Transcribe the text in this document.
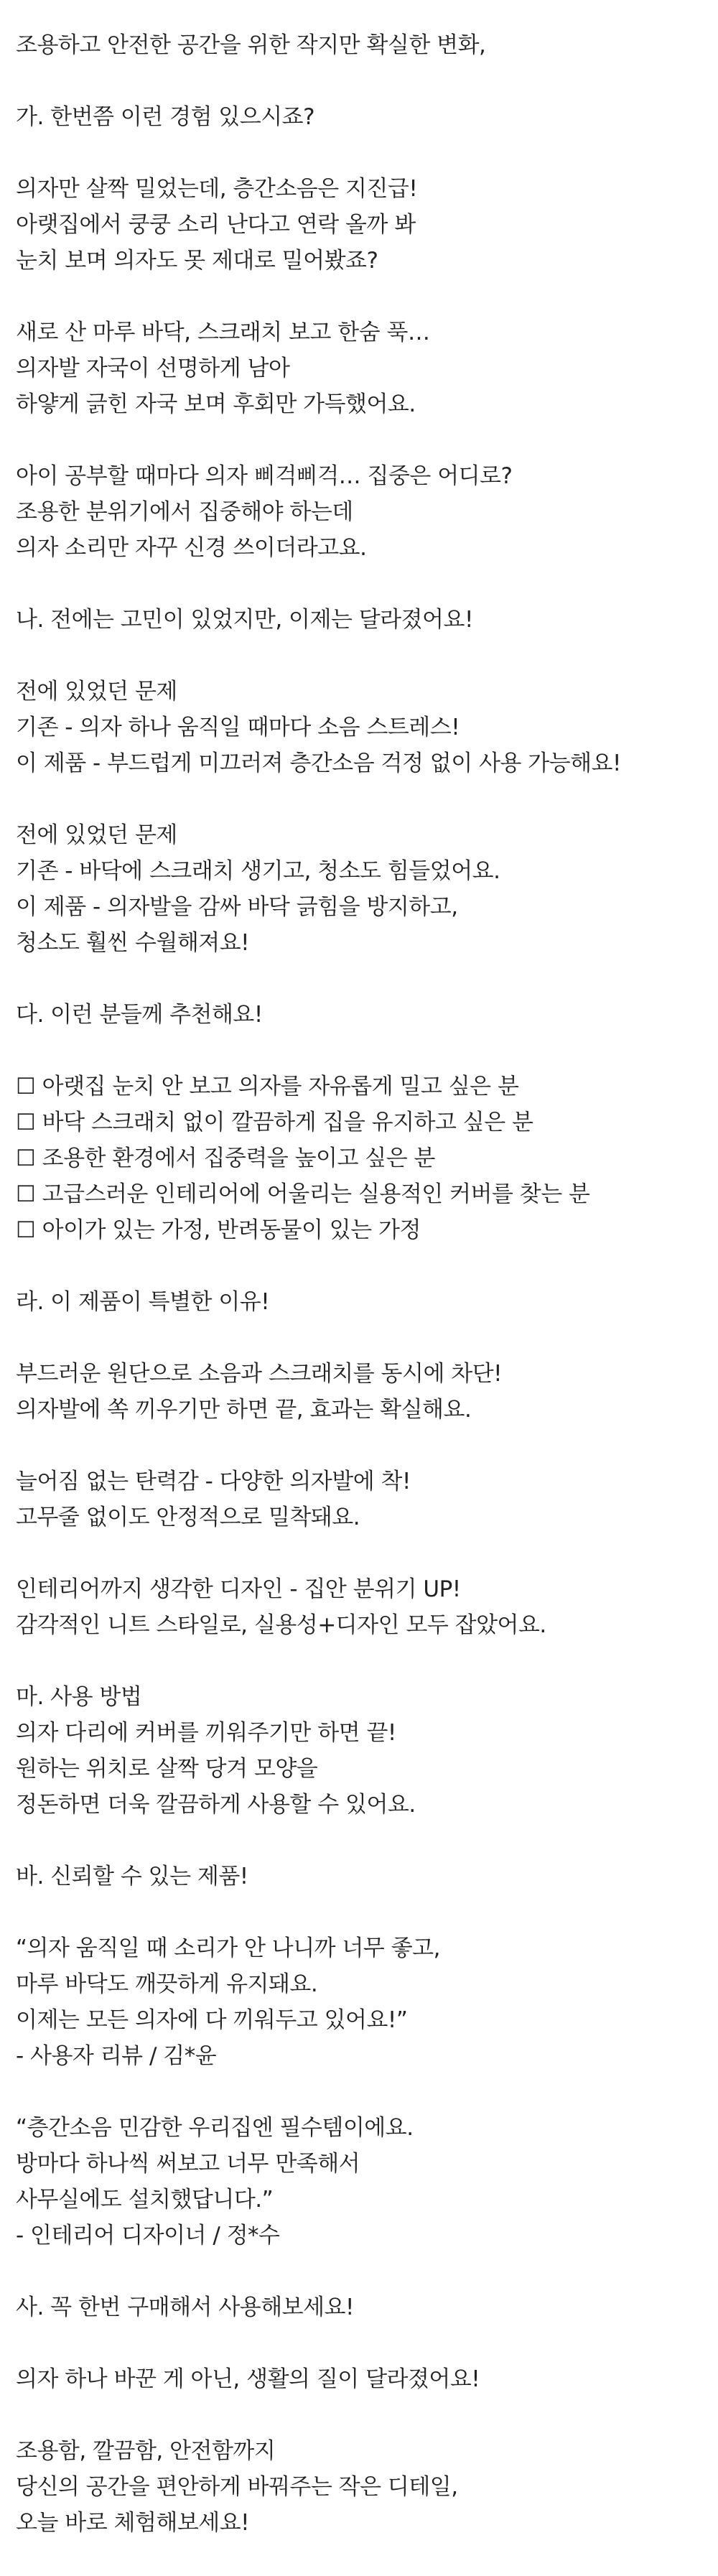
조용하고 안전한 공간을 위한 작지만 확실한 변화,
가. 한번쯤 이런 경험 있으시죠?
의자만 살짝 밀었는데, 층간소음은 지진급!
아랫집에서 쿵쿵 소리 난다고 연락 올까 봐
눈치 보며 의자도 못 제대로 밀어봤죠?
새로 산 마루 바닥, 스크래치 보고 한숨 푹…
의자발 자국이 선명하게 남아
하얗게 긁힌 자국 보며 후회만 가득했어요.
아이 공부할 때마다 의자 삐걱삐걱… 집중은 어디로?
조용한 분위기에서 집중해야 하는데
의자 소리만 자꾸 신경 쓰이더라고요.
나. 전에는 고민이 있었지만, 이제는 달라졌어요!
전에 있었던 문제
기존 - 의자 하나 움직일 때마다 소음 스트레스!
이 제품 - 부드럽게 미끄러져 층간소음 걱정 없이 사용 가능해요!
전에 있었던 문제
기존 - 바닥에 스크래치 생기고, 청소도 힘들었어요.
이 제품 - 의자발을 감싸 바닥 긁힘을 방지하고,
청소도 훨씬 수월해져요!
다. 이런 분들께 추천해요!
☐ 아랫집 눈치 안 보고 의자를 자유롭게 밀고 싶은 분
☐ 바닥 스크래치 없이 깔끔하게 집을 유지하고 싶은 분
☐ 조용한 환경에서 집중력을 높이고 싶은 분
☐ 고급스러운 인테리어에 어울리는 실용적인 커버를 찾는 분
☐ 아이가 있는 가정, 반려동물이 있는 가정
라. 이 제품이 특별한 이유!
부드러운 원단으로 소음과 스크래치를 동시에 차단!
의자발에 쏙 끼우기만 하면 끝, 효과는 확실해요.
늘어짐 없는 탄력감 - 다양한 의자발에 착!
고무줄 없이도 안정적으로 밀착돼요.
인테리어까지 생각한 디자인 - 집안 분위기 UP!
감각적인 니트 스타일로, 실용성+디자인 모두 잡았어요.
마. 사용 방법
의자 다리에 커버를 끼워주기만 하면 끝!
원하는 위치로 살짝 당겨 모양을
정돈하면 더욱 깔끔하게 사용할 수 있어요.
바. 신뢰할 수 있는 제품!
“의자 움직일 때 소리가 안 나니까 너무 좋고,
마루 바닥도 깨끗하게 유지돼요.
이제는 모든 의자에 다 끼워두고 있어요!”
- 사용자 리뷰 / 김*윤
“층간소음 민감한 우리집엔 필수템이에요.
방마다 하나씩 써보고 너무 만족해서
사무실에도 설치했답니다.”
- 인테리어 디자이너 / 정*수
사. 꼭 한번 구매해서 사용해보세요!
의자 하나 바꾼 게 아닌, 생활의 질이 달라졌어요!
조용함, 깔끔함, 안전함까지
당신의 공간을 편안하게 바꿔주는 작은 디테일,
오늘 바로 체험해보세요!
